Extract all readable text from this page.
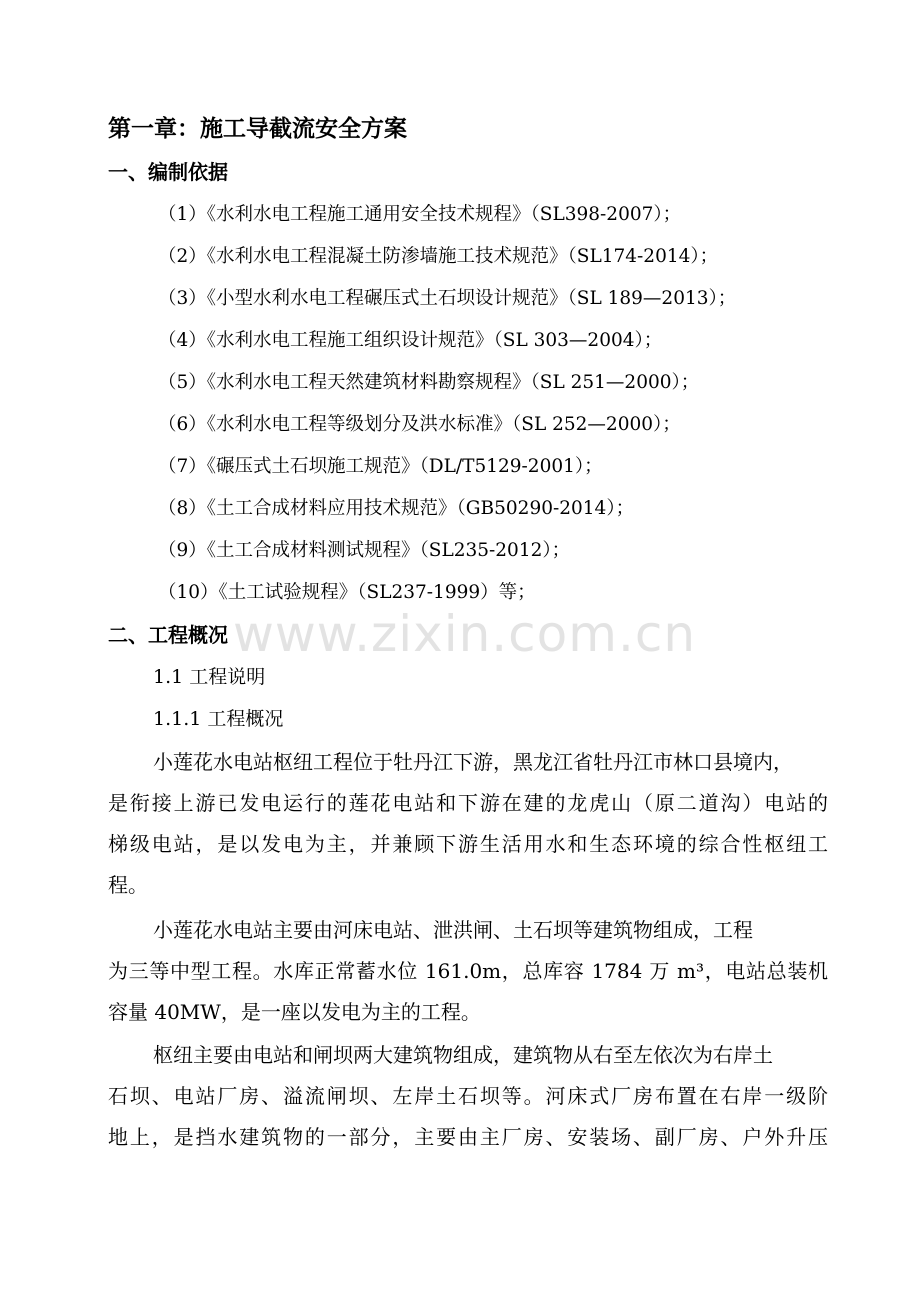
www.zixin.com.cn
第一章：施工导截流安全方案
一、编制依据
（1）《水利水电工程施工通用安全技术规程》（SL398-2007）；
（2）《水利水电工程混凝土防渗墙施工技术规范》（SL174-2014）；
（3）《小型水利水电工程碾压式土石坝设计规范》（SL 189—2013）；
（4）《水利水电工程施工组织设计规范》（SL 303—2004）；
（5）《水利水电工程天然建筑材料勘察规程》（SL 251—2000）；
（6）《水利水电工程等级划分及洪水标准》（SL 252—2000）；
（7）《碾压式土石坝施工规范》（DL/T5129-2001）；
（8）《土工合成材料应用技术规范》（GB50290-2014）；
（9）《土工合成材料测试规程》（SL235-2012）；
（10）《土工试验规程》（SL237-1999）等；
二、工程概况
1.1 工程说明
1.1.1 工程概况
小莲花水电站枢纽工程位于牡丹江下游，黑龙江省牡丹江市林口县境内，
是衔接上游已发电运行的莲花电站和下游在建的龙虎山（原二道沟）电站的
梯级电站，是以发电为主，并兼顾下游生活用水和生态环境的综合性枢纽工
程。
小莲花水电站主要由河床电站、泄洪闸、土石坝等建筑物组成，工程
为三等中型工程。水库正常蓄水位 161.0m，总库容 1784 万 m³，电站总装机
容量 40MW，是一座以发电为主的工程。
枢纽主要由电站和闸坝两大建筑物组成，建筑物从右至左依次为右岸土
石坝、电站厂房、溢流闸坝、左岸土石坝等。河床式厂房布置在右岸一级阶
地上，是挡水建筑物的一部分，主要由主厂房、安装场、副厂房、户外升压
